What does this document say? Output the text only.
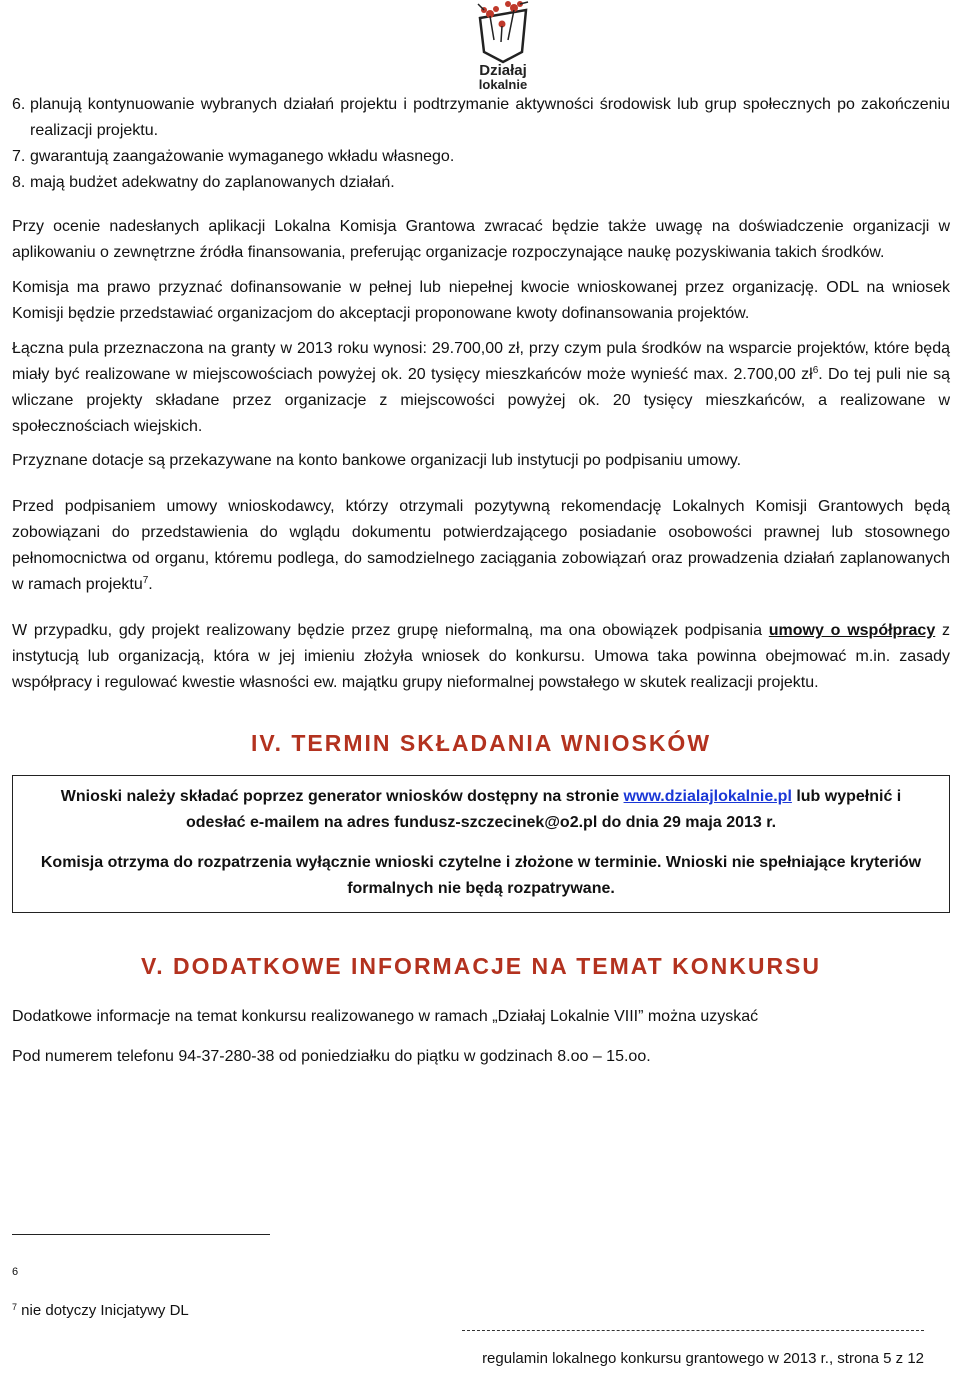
Działaj
lokalnie
6. planują kontynuowanie wybranych działań projektu i podtrzymanie aktywności środowisk lub grup społecznych po zakończeniu realizacji projektu.
7. gwarantują zaangażowanie wymaganego wkładu własnego.
8. mają budżet adekwatny do zaplanowanych działań.

Przy ocenie nadesłanych aplikacji Lokalna Komisja Grantowa zwracać będzie także uwagę na doświadczenie organizacji w aplikowaniu o zewnętrzne źródła finansowania, preferując organizacje rozpoczynające naukę pozyskiwania takich środków.

Komisja ma prawo przyznać dofinansowanie w pełnej lub niepełnej kwocie wnioskowanej przez organizację. ODL na wniosek Komisji będzie przedstawiać organizacjom do akceptacji proponowane kwoty dofinansowania projektów.

Łączna pula przeznaczona na granty w 2013 roku wynosi: 29.700,00 zł, przy czym pula środków na wsparcie projektów, które będą miały być realizowane w miejscowościach powyżej ok. 20 tysięcy mieszkańców może wynieść max. 2.700,00 $zł^6$. Do tej puli nie są wliczane projekty składane przez organizacje z miejscowości powyżej ok. 20 tysięcy mieszkańców, a realizowane w społecznościach wiejskich.

Przyznane dotacje są przekazywane na konto bankowe organizacji lub instytucji po podpisaniu umowy.

Przed podpisaniem umowy wnioskodawcy, którzy otrzymali pozytywną rekomendację Lokalnych Komisji Grantowych będą zobowiązani do przedstawienia do wglądu dokumentu potwierdzającego posiadanie osobowości prawnej lub stosownego pełnomocnictwa od organu, któremu podlega, do samodzielnego zaciągania zobowiązań oraz prowadzenia działań zaplanowanych w ramach projektu$^7$.

W przypadku, gdy projekt realizowany będzie przez grupę nieformalną, ma ona obowiązek podpisania umowy o współpracy z instytucją lub organizacją, która w jej imieniu złożyła wniosek do konkursu. Umowa taka powinna obejmować m.in. zasady współpracy i regulować kwestie własności ew. majątku grupy nieformalnej powstałego w skutek realizacji projektu.

IV. TERMIN SKŁADANIA WNIOSKÓW
Wnioski należy składać poprzez generator wniosków dostępny na stronie www.dzialajlokalnie.pl lub wypełnić i odesłać e-mailem na adres fundusz-szczecinek@o2.pl do dnia 29 maja 2013 r.
Komisja otrzyma do rozpatrzenia wyłącznie wnioski czytelne i złożone w terminie. Wnioski nie spełniające kryteriów formalnych nie będą rozpatrywane.
V. DODATKOWE INFORMACJE NA TEMAT KONKURSU

Dodatkowe informacje na temat konkursu realizowanego w ramach „Działaj Lokalnie VIII” można uzyskać

Pod numerem telefonu 94-37-280-38 od poniedziałku do piątku w godzinach 8.oo – 15.oo.

6
$^7$ nie dotyczy Inicjatywy DL
regulamin lokalnego konkursu grantowego w 2013 r., strona 5 z 12
